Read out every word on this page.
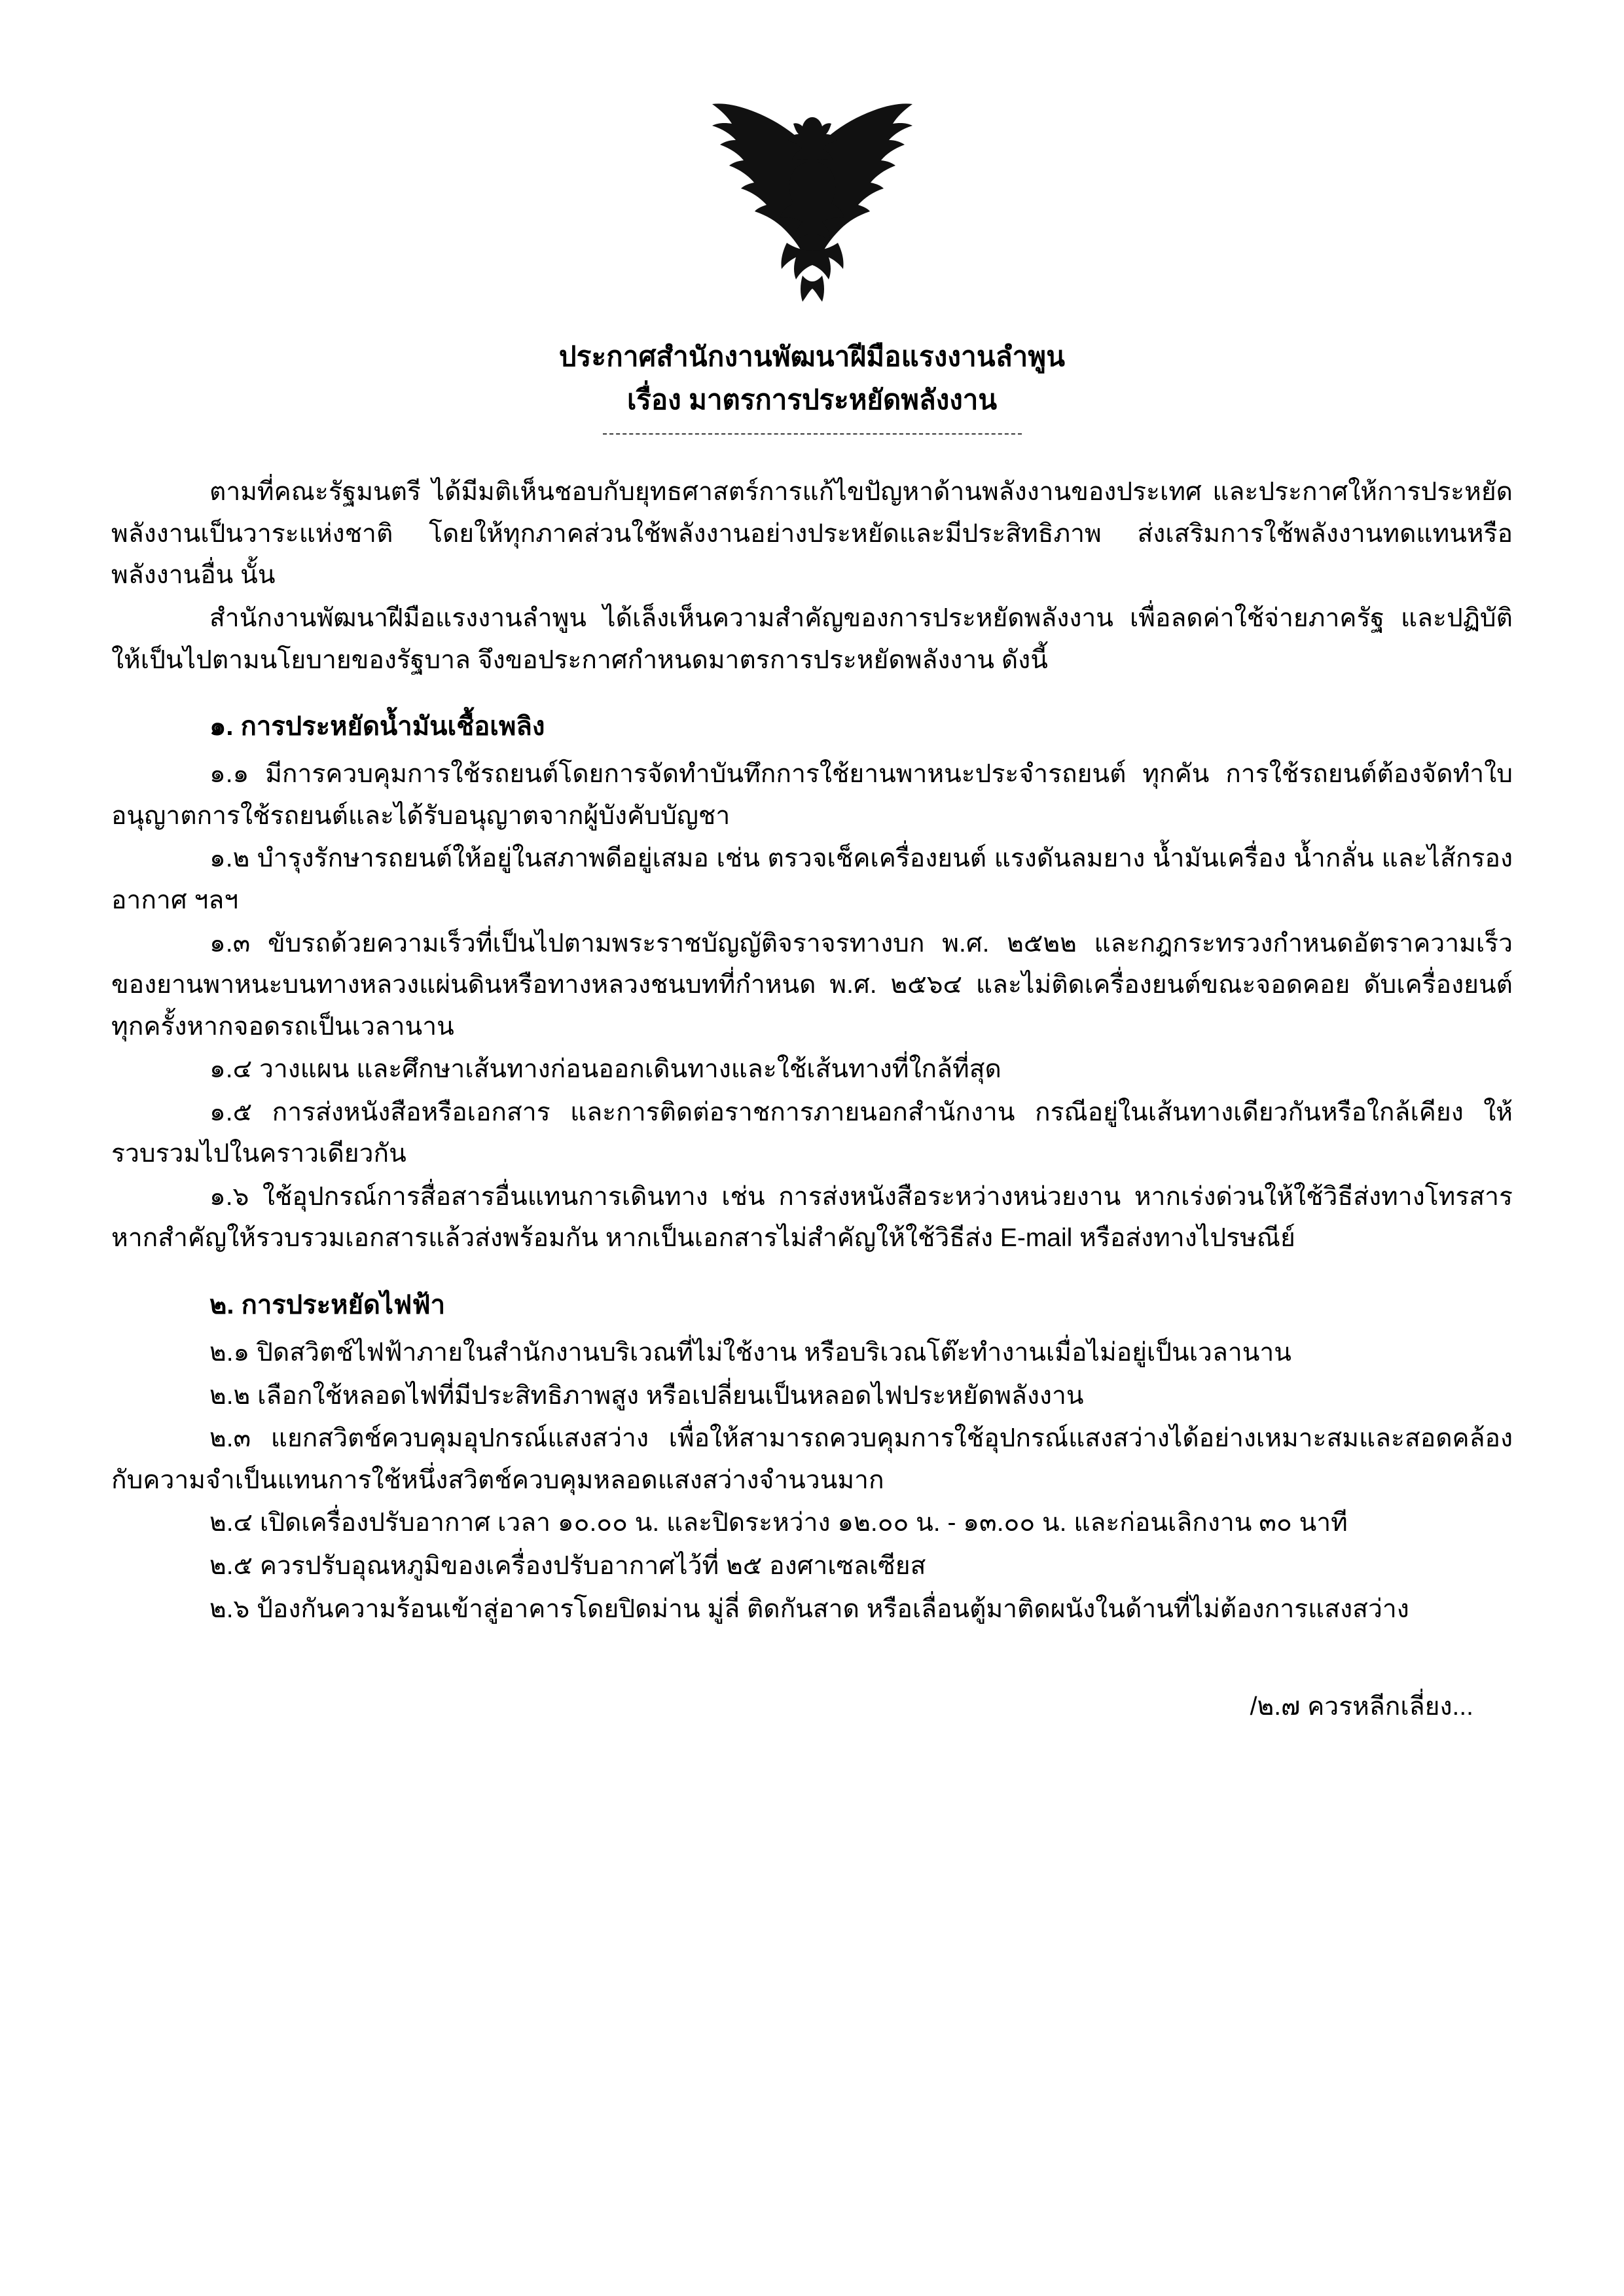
ประกาศสำนักงานพัฒนาฝีมือแรงงานลำพูน
เรื่อง มาตรการประหยัดพลังงาน

ตามที่คณะรัฐมนตรี ได้มีมติเห็นชอบกับยุทธศาสตร์การแก้ไขปัญหาด้านพลังงานของประเทศ และประกาศให้การประหยัดพลังงานเป็นวาระแห่งชาติ โดยให้ทุกภาคส่วนใช้พลังงานอย่างประหยัดและมีประสิทธิภาพ ส่งเสริมการใช้พลังงานทดแทนหรือพลังงานอื่น นั้น

สำนักงานพัฒนาฝีมือแรงงานลำพูน ได้เล็งเห็นความสำคัญของการประหยัดพลังงาน เพื่อลดค่าใช้จ่ายภาครัฐ และปฏิบัติให้เป็นไปตามนโยบายของรัฐบาล จึงขอประกาศกำหนดมาตรการประหยัดพลังงาน ดังนี้

๑. การประหยัดน้ำมันเชื้อเพลิง

๑.๑ มีการควบคุมการใช้รถยนต์โดยการจัดทำบันทึกการใช้ยานพาหนะประจำรถยนต์ ทุกคัน การใช้รถยนต์ต้องจัดทำใบอนุญาตการใช้รถยนต์และได้รับอนุญาตจากผู้บังคับบัญชา

๑.๒ บำรุงรักษารถยนต์ให้อยู่ในสภาพดีอยู่เสมอ เช่น ตรวจเช็คเครื่องยนต์ แรงดันลมยาง น้ำมันเครื่อง น้ำกลั่น และไส้กรองอากาศ ฯลฯ

๑.๓ ขับรถด้วยความเร็วที่เป็นไปตามพระราชบัญญัติจราจรทางบก พ.ศ. ๒๕๒๒ และกฎกระทรวงกำหนดอัตราความเร็วของยานพาหนะบนทางหลวงแผ่นดินหรือทางหลวงชนบทที่กำหนด พ.ศ. ๒๕๖๔ และไม่ติดเครื่องยนต์ขณะจอดคอย ดับเครื่องยนต์ทุกครั้งหากจอดรถเป็นเวลานาน

๑.๔ วางแผน และศึกษาเส้นทางก่อนออกเดินทางและใช้เส้นทางที่ใกล้ที่สุด

๑.๕ การส่งหนังสือหรือเอกสาร และการติดต่อราชการภายนอกสำนักงาน กรณีอยู่ในเส้นทางเดียวกันหรือใกล้เคียง ให้รวบรวมไปในคราวเดียวกัน

๑.๖ ใช้อุปกรณ์การสื่อสารอื่นแทนการเดินทาง เช่น การส่งหนังสือระหว่างหน่วยงาน หากเร่งด่วนให้ใช้วิธีส่งทางโทรสาร หากสำคัญให้รวบรวมเอกสารแล้วส่งพร้อมกัน หากเป็นเอกสารไม่สำคัญให้ใช้วิธีส่ง E-mail หรือส่งทางไปรษณีย์

๒. การประหยัดไฟฟ้า

๒.๑ ปิดสวิตช์ไฟฟ้าภายในสำนักงานบริเวณที่ไม่ใช้งาน หรือบริเวณโต๊ะทำงานเมื่อไม่อยู่เป็นเวลานาน

๒.๒ เลือกใช้หลอดไฟที่มีประสิทธิภาพสูง หรือเปลี่ยนเป็นหลอดไฟประหยัดพลังงาน

๒.๓ แยกสวิตช์ควบคุมอุปกรณ์แสงสว่าง เพื่อให้สามารถควบคุมการใช้อุปกรณ์แสงสว่างได้อย่างเหมาะสมและสอดคล้องกับความจำเป็นแทนการใช้หนึ่งสวิตช์ควบคุมหลอดแสงสว่างจำนวนมาก

๒.๔ เปิดเครื่องปรับอากาศ เวลา ๑๐.๐๐ น. และปิดระหว่าง ๑๒.๐๐ น. - ๑๓.๐๐ น. และก่อนเลิกงาน ๓๐ นาที

๒.๕ ควรปรับอุณหภูมิของเครื่องปรับอากาศไว้ที่ ๒๕ องศาเซลเซียส

๒.๖ ป้องกันความร้อนเข้าสู่อาคารโดยปิดม่าน มู่ลี่ ติดกันสาด หรือเลื่อนตู้มาติดผนังในด้านที่ไม่ต้องการแสงสว่าง

/๒.๗ ควรหลีกเลี่ยง...
